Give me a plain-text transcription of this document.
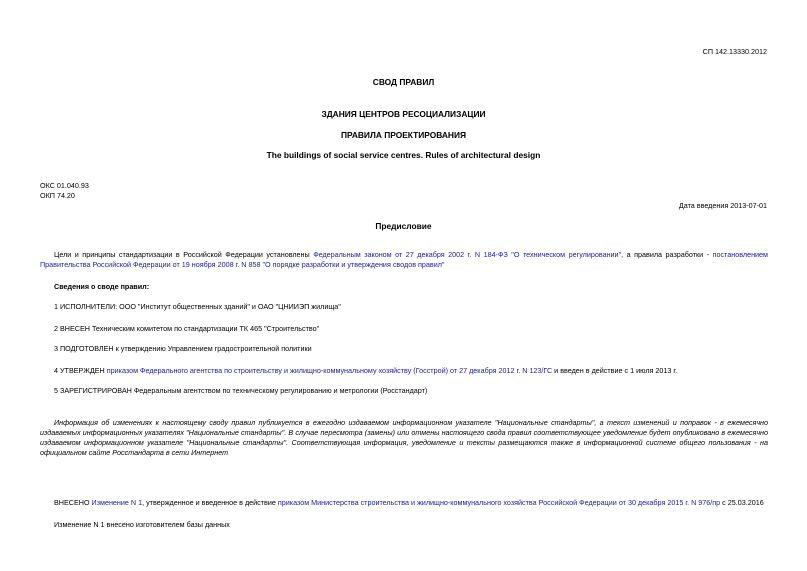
СП 142.13330.2012
СВОД ПРАВИЛ
ЗДАНИЯ ЦЕНТРОВ РЕСОЦИАЛИЗАЦИИ
ПРАВИЛА ПРОЕКТИРОВАНИЯ
The buildings of social service centres. Rules of architectural design
ОКС 01.040.93
ОКП 74.20
Дата введения 2013-07-01
Предисловие
Цели и принципы стандартизации в Российской Федерации установлены Федеральным законом от 27 декабря 2002 г. N 184-ФЗ "О техническом регулировании", а правила разработки - постановлением Правительства Российской Федерации от 19 ноября 2008 г. N 858 "О порядке разработки и утверждения сводов правил"
Сведения о своде правил:
1 ИСПОЛНИТЕЛИ: ООО "Институт общественных зданий" и ОАО "ЦНИИЭП жилища"
2 ВНЕСЕН Техническим комитетом по стандартизации ТК 465 "Строительство"
3 ПОДГОТОВЛЕН к утверждению Управлением градостроительной политики
4 УТВЕРЖДЕН приказом Федерального агентства по строительству и жилищно-коммунальному хозяйству (Госстрой) от 27 декабря 2012 г. N 123/ГС и введен в действие с 1 июля 2013 г.
5 ЗАРЕГИСТРИРОВАН Федеральным агентством по техническому регулированию и метрологии (Росстандарт)
Информация об изменениях к настоящему своду правил публикуется в ежегодно издаваемом информационном указателе "Национальные стандарты", а текст изменений и поправок - в ежемесячно издаваемых информационных указателях "Национальные стандарты". В случае пересмотра (замены) или отмены настоящего свода правил соответствующее уведомление будет опубликовано в ежемесячно издаваемом информационном указателе "Национальные стандарты". Соответствующая информация, уведомление и тексты размещаются также в информационной системе общего пользования - на официальном сайте Росстандарта в сети Интернет
ВНЕСЕНО Изменение N 1, утвержденное и введенное в действие приказом Министерства строительства и жилищно-коммунального хозяйства Российской Федерации от 30 декабря 2015 г. N 976/пр с 25.03.2016
Изменение N 1 внесено изготовителем базы данных
